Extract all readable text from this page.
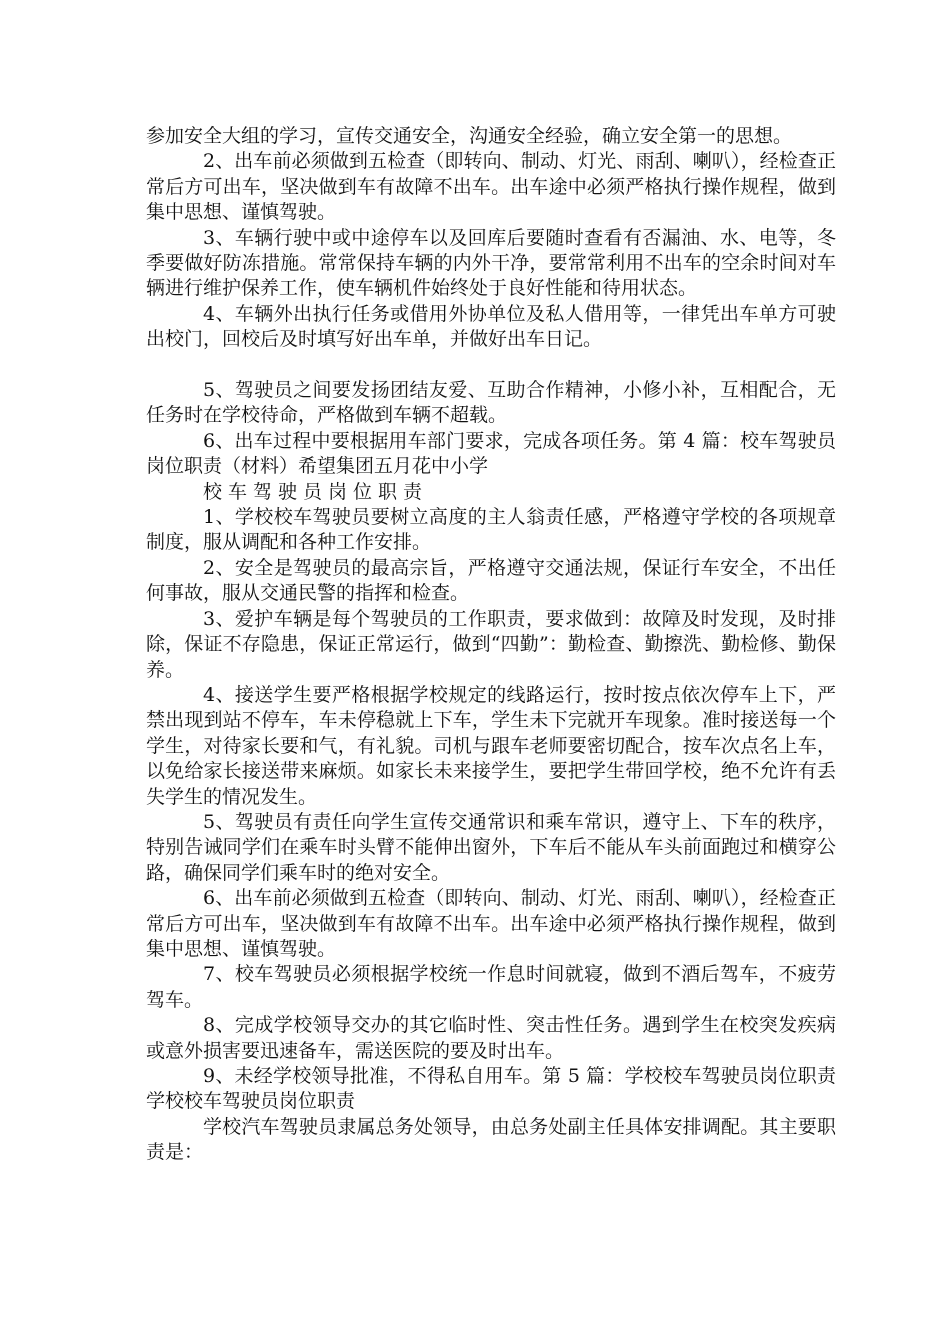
参加安全大组的学习，宣传交通安全，沟通安全经验，确立安全第一的思想。

2、出车前必须做到五检查（即转向、制动、灯光、雨刮、喇叭），经检查正常后方可出车，坚决做到车有故障不出车。出车途中必须严格执行操作规程，做到集中思想、谨慎驾驶。

3、车辆行驶中或中途停车以及回库后要随时查看有否漏油、水、电等，冬季要做好防冻措施。常常保持车辆的内外干净，要常常利用不出车的空余时间对车辆进行维护保养工作，使车辆机件始终处于良好性能和待用状态。

4、车辆外出执行任务或借用外协单位及私人借用等，一律凭出车单方可驶出校门，回校后及时填写好出车单，并做好出车日记。

5、驾驶员之间要发扬团结友爱、互助合作精神，小修小补，互相配合，无任务时在学校待命，严格做到车辆不超载。

6、出车过程中要根据用车部门要求，完成各项任务。第 4 篇：校车驾驶员岗位职责（材料）希望集团五月花中小学

校车驾驶员岗位职责

1、学校校车驾驶员要树立高度的主人翁责任感，严格遵守学校的各项规章制度，服从调配和各种工作安排。

2、安全是驾驶员的最高宗旨，严格遵守交通法规，保证行车安全，不出任何事故，服从交通民警的指挥和检查。

3、爱护车辆是每个驾驶员的工作职责，要求做到：故障及时发现，及时排除，保证不存隐患，保证正常运行，做到“四勤”：勤检查、勤擦洗、勤检修、勤保养。

4、接送学生要严格根据学校规定的线路运行，按时按点依次停车上下，严禁出现到站不停车，车未停稳就上下车，学生未下完就开车现象。准时接送每一个学生，对待家长要和气，有礼貌。司机与跟车老师要密切配合，按车次点名上车，以免给家长接送带来麻烦。如家长未来接学生，要把学生带回学校，绝不允许有丢失学生的情况发生。

5、驾驶员有责任向学生宣传交通常识和乘车常识，遵守上、下车的秩序，特别告诫同学们在乘车时头臂不能伸出窗外，下车后不能从车头前面跑过和横穿公路，确保同学们乘车时的绝对安全。

6、出车前必须做到五检查（即转向、制动、灯光、雨刮、喇叭），经检查正常后方可出车，坚决做到车有故障不出车。出车途中必须严格执行操作规程，做到集中思想、谨慎驾驶。

7、校车驾驶员必须根据学校统一作息时间就寝，做到不酒后驾车，不疲劳 驾车。

8、完成学校领导交办的其它临时性、突击性任务。遇到学生在校突发疾病 或意外损害要迅速备车，需送医院的要及时出车。

9、未经学校领导批准，不得私自用车。第 5 篇：学校校车驾驶员岗位职责学校校车驾驶员岗位职责

学校汽车驾驶员隶属总务处领导，由总务处副主任具体安排调配。其主要职责是：
